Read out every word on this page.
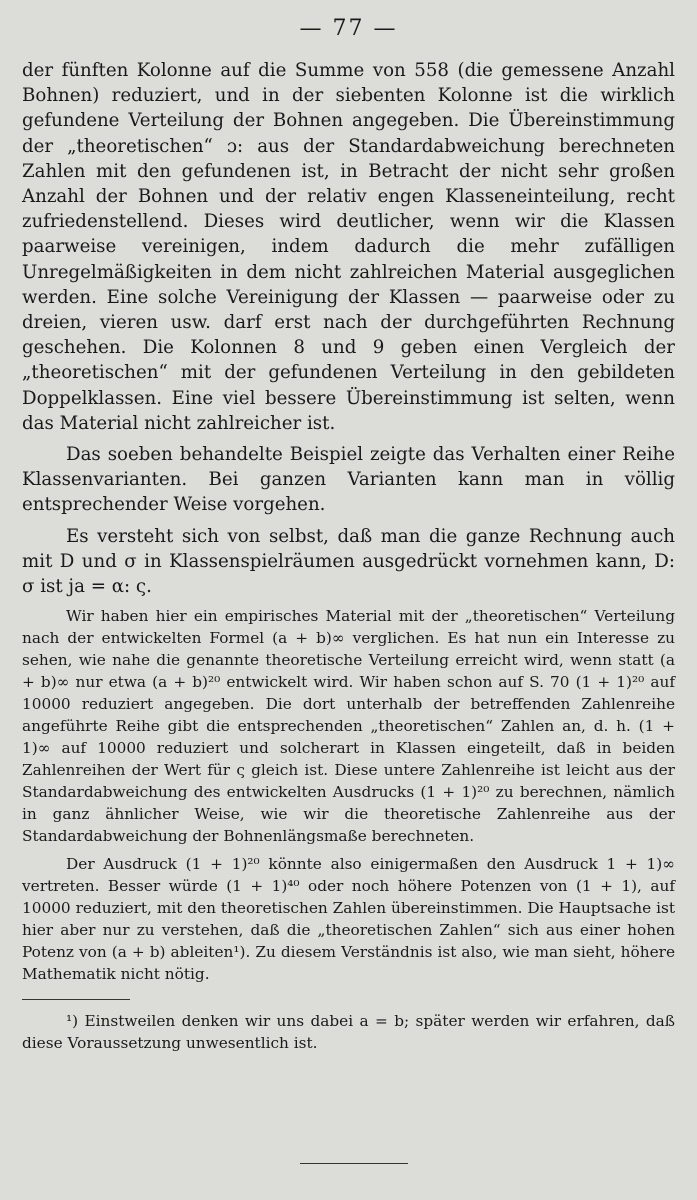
— 77 —

der fünften Kolonne auf die Summe von 558 (die gemessene Anzahl Bohnen) reduziert, und in der siebenten Kolonne ist die wirklich gefundene Verteilung der Bohnen angegeben. Die Übereinstimmung der „theoretischen“ ɔ: aus der Standardabweichung berechneten Zahlen mit den gefundenen ist, in Betracht der nicht sehr großen Anzahl der Bohnen und der relativ engen Klasseneinteilung, recht zufriedenstellend. Dieses wird deutlicher, wenn wir die Klassen paarweise vereinigen, indem dadurch die mehr zufälligen Unregelmäßigkeiten in dem nicht zahlreichen Material ausgeglichen werden. Eine solche Vereinigung der Klassen — paarweise oder zu dreien, vieren usw. darf erst nach der durchgeführten Rechnung geschehen. Die Kolonnen 8 und 9 geben einen Vergleich der „theoretischen“ mit der gefundenen Verteilung in den gebildeten Doppelklassen. Eine viel bessere Übereinstimmung ist selten, wenn das Material nicht zahlreicher ist.

Das soeben behandelte Beispiel zeigte das Verhalten einer Reihe Klassenvarianten. Bei ganzen Varianten kann man in völlig entsprechender Weise vorgehen.

Es versteht sich von selbst, daß man die ganze Rechnung auch mit D und σ in Klassenspielräumen ausgedrückt vornehmen kann, D: σ ist ja = α: ς.

Wir haben hier ein empirisches Material mit der „theoretischen“ Verteilung nach der entwickelten Formel (a + b)∞ verglichen. Es hat nun ein Interesse zu sehen, wie nahe die genannte theoretische Verteilung erreicht wird, wenn statt (a + b)∞ nur etwa (a + b)²⁰ entwickelt wird. Wir haben schon auf S. 70 (1 + 1)²⁰ auf 10000 reduziert angegeben. Die dort unterhalb der betreffenden Zahlenreihe angeführte Reihe gibt die entsprechenden „theoretischen“ Zahlen an, d. h. (1 + 1)∞ auf 10000 reduziert und solcherart in Klassen eingeteilt, daß in beiden Zahlenreihen der Wert für ς gleich ist. Diese untere Zahlenreihe ist leicht aus der Standardabweichung des entwickelten Ausdrucks (1 + 1)²⁰ zu berechnen, nämlich in ganz ähnlicher Weise, wie wir die theoretische Zahlenreihe aus der Standardabweichung der Bohnenlängsmaße berechneten.

Der Ausdruck (1 + 1)²⁰ könnte also einigermaßen den Ausdruck 1 + 1)∞ vertreten. Besser würde (1 + 1)⁴⁰ oder noch höhere Potenzen von (1 + 1), auf 10000 reduziert, mit den theoretischen Zahlen übereinstimmen. Die Hauptsache ist hier aber nur zu verstehen, daß die „theoretischen Zahlen“ sich aus einer hohen Potenz von (a + b) ableiten¹). Zu diesem Verständnis ist also, wie man sieht, höhere Mathematik nicht nötig.

¹) Einstweilen denken wir uns dabei a = b; später werden wir erfahren, daß diese Voraussetzung unwesentlich ist.
